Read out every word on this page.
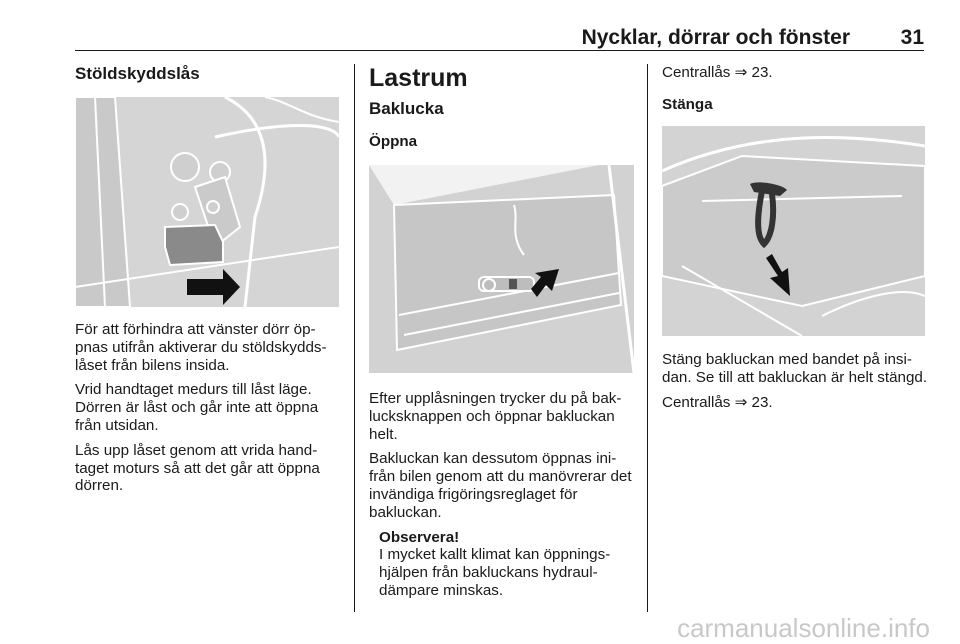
Nycklar, dörrar och fönster 31
Stöldskyddslås

För att förhindra att vänster dörr öp-pnas utifrån aktiverar du stöldskydds-låset från bilens insida.

Vrid handtaget medurs till låst läge. Dörren är låst och går inte att öppna från utsidan.

Lås upp låset genom att vrida hand-taget moturs så att det går att öppna dörren.

Lastrum
Baklucka
Öppna

Efter upplåsningen trycker du på bak-lucksknappen och öppnar bakluckan helt.

Bakluckan kan dessutom öppnas ini-från bilen genom att du manövrerar det invändiga frigöringsreglaget för bakluckan.

Observera!

I mycket kallt klimat kan öppnings-hjälpen från bakluckans hydraul-dämpare minskas.

Centrallås ⇒ 23.

Stänga

Stäng bakluckan med bandet på insi-dan. Se till att bakluckan är helt stängd.

Centrallås ⇒ 23.

carmanualsonline.info
